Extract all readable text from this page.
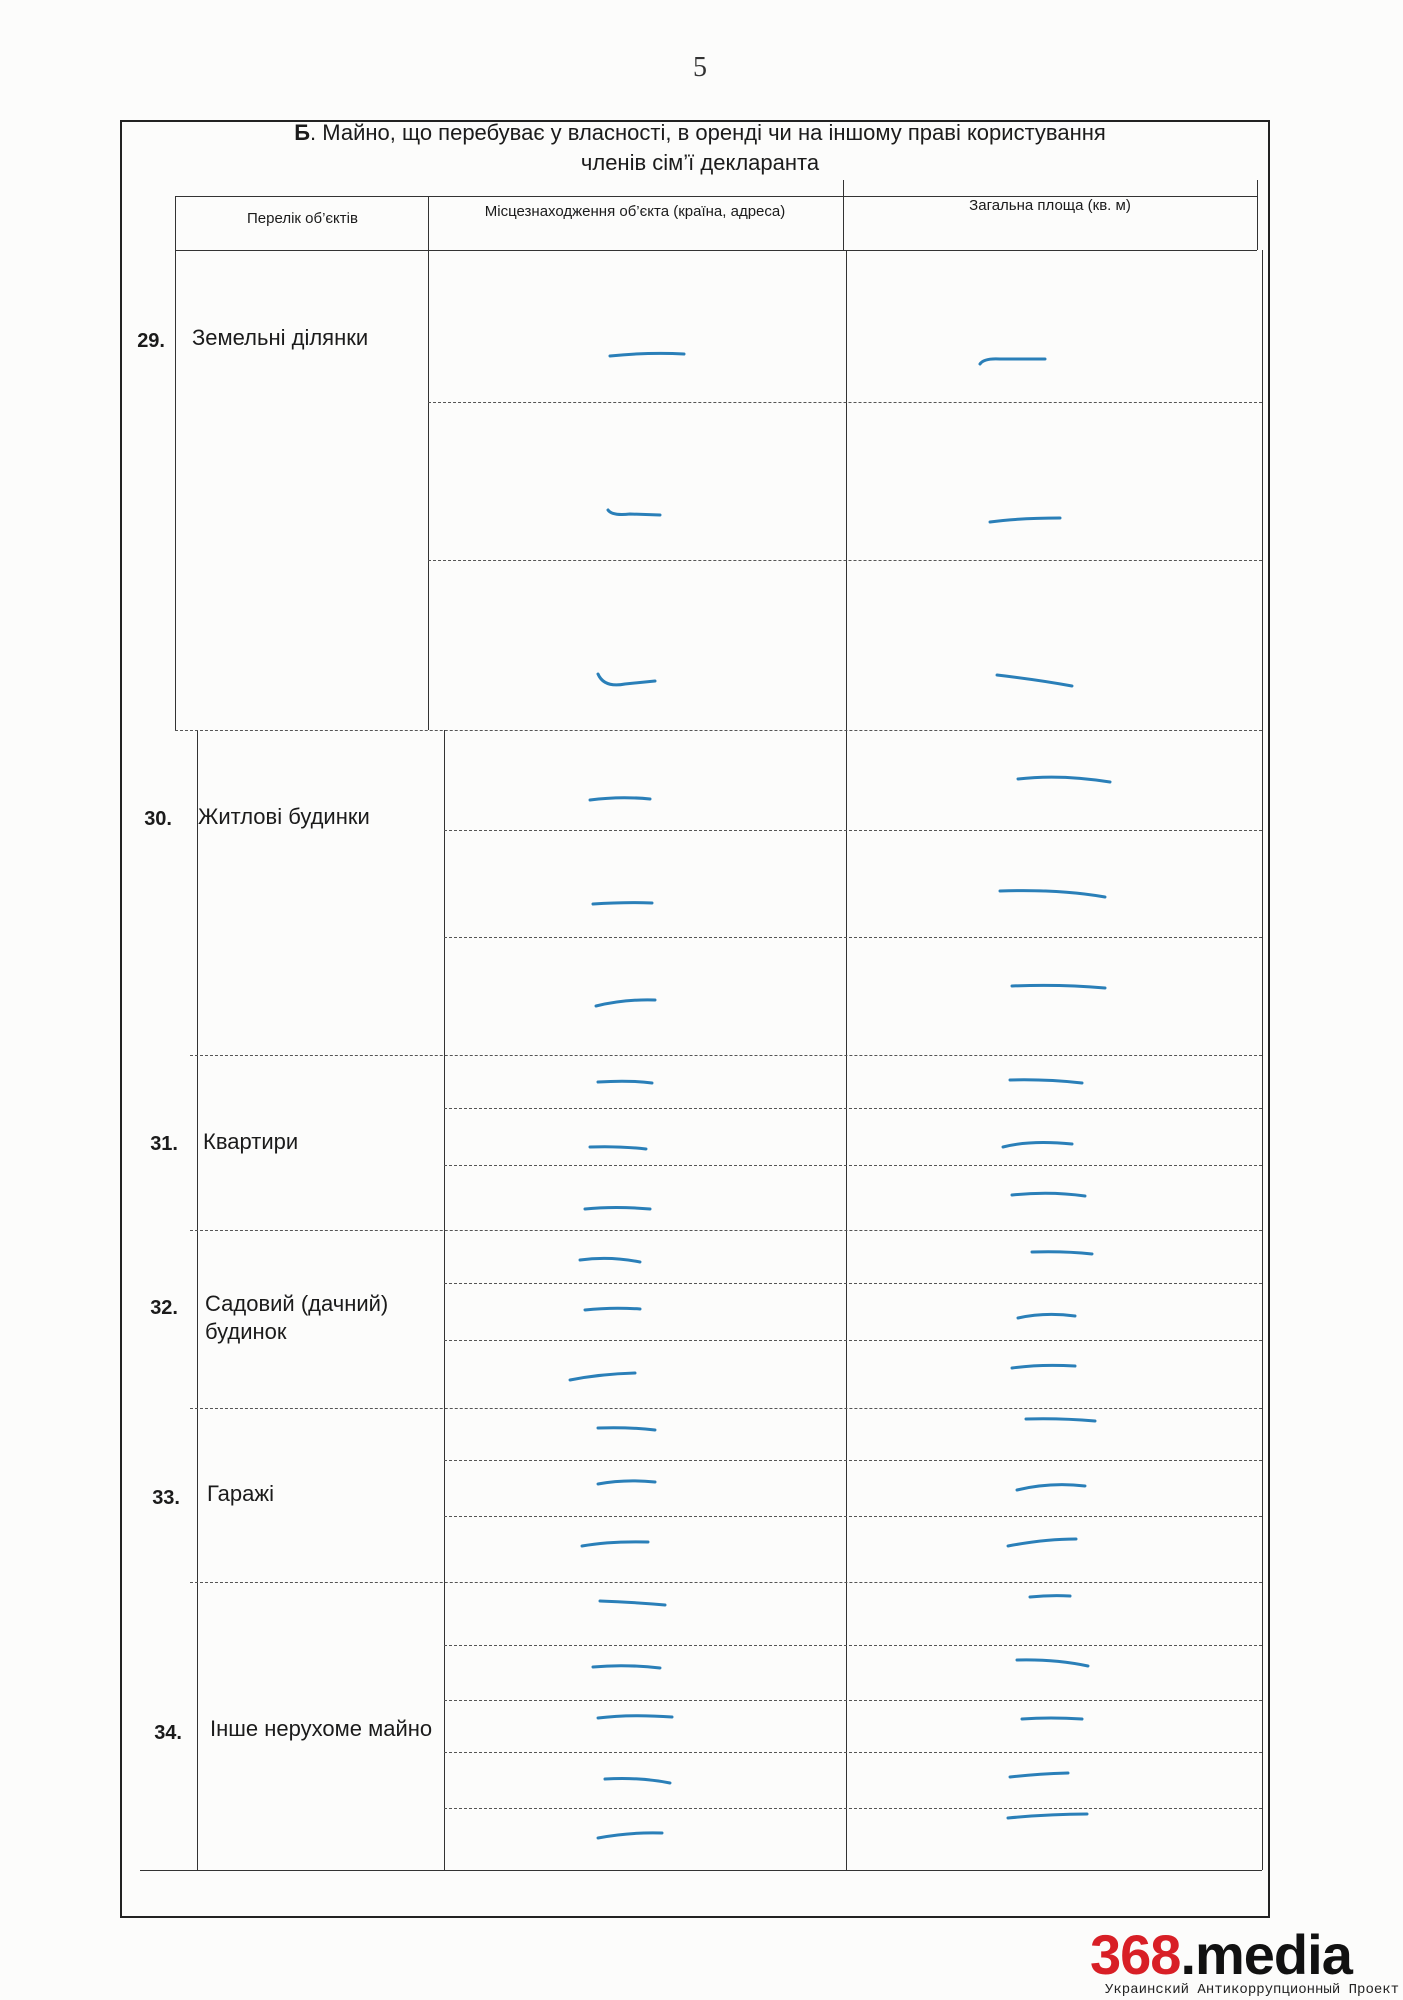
5
Б. Майно, що перебуває у власності, в оренді чи на іншому праві користування
членів сім’ї декларанта
Перелік об’єктів	Місцезнаходження об’єкта (країна, адреса)	Загальна площа (кв. м)
29. Земельні ділянки
30. Житлові будинки
31. Квартири
32. Садовий (дачний) будинок
33. Гаражі
34. Інше нерухоме майно
368.media
Украинский Антикоррупционный Проект
